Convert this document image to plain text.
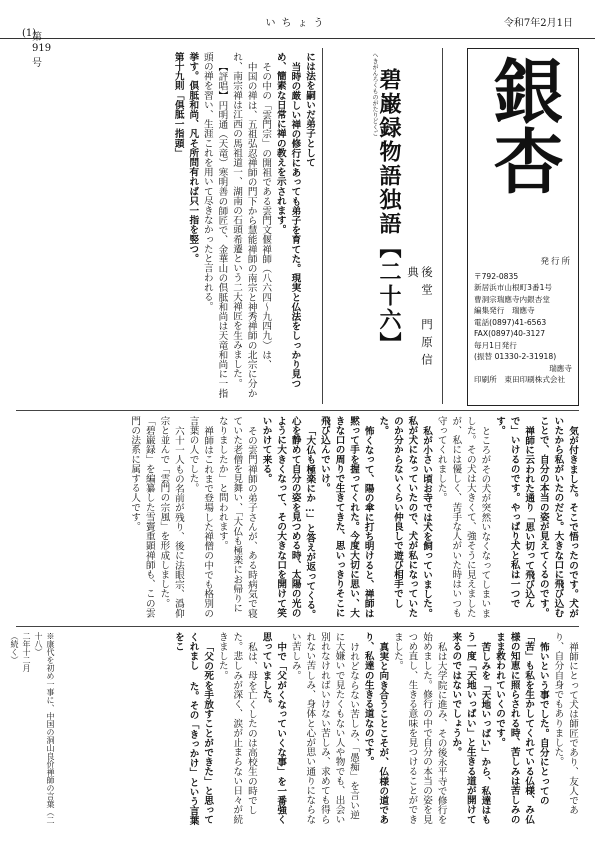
(1)

第919号
いちょう	令和7年2月1日
銀杏
発行所
〒792-0835
新居浜市山根町3番1号
曹洞宗瑞應寺内銀杏堂
編集発行　瑞應寺
電話(0897)41-6563
FAX(0897)40-3127
毎月1日発行
(振替 01330-2-31918)
瑞應寺
印刷所　東田印刷株式会社
へきがんろくものがたりどくご
碧巌録物語独語【二十六】	後堂　門原信典

には法を嗣いだ弟子として

当時の厳しい禅の修行にあっても弟子を育てた。現実と仏法をしっかり見つめ、簡素な日常に禅の教えを示されます。

その中の「雲門宗」の開祖である雲門文偃禅師（八六四～九四九）は、

中国の禅は、五祖弘忍禅師の門下から慧能禅師の南宗と神秀禅師の北宗に分かれ、南宗禅は江西の馬祖道一、湖南の石頭希遷という二大禅匠を生みました。

【評唱】円明通（天竜）寒明善の師匠で、金華山の倶胝和尚は天竜和尚に一指頭の禅を習い、生涯これを用いて尽きなかったと言われる。

挙す。倶胝和尚、凡そ所問有れば只一指を竪つ。

第十九則「倶胝一指頭」

気が付きました。そこで悟ったのです。犬がいたから私がいたのだと。大きな口に飛び込むことで、自分の本当の姿が見えてくるのです。

禅師に云われた通り「思い切って飛び込んで」いけるのです。やっぱり犬と私は一つです。

ところがその犬が突然いなくなってしまいました。その犬は大きくて、強そうに見えましたが、私には優しく、苦手な人がいた時はいつも守ってくれました。

私が小さい頃お寺では犬を飼っていました。私が犬になっていたので、犬が私になっていたのか分からないくらい仲良しで遊び相手でした。

怖くなって、陽の傘に打ち明けると、禅師は黙って手を握ってくれた。今度大切に思い、大きな口の周りで生きてきた、思いっきりそこに飛び込んでいけ。

「大仏も極楽にか…」と答えが返ってくる。心を静めて自分の姿を見つめる時、太陽の光のように大きくなって、その大きな口を開けて笑いかけて来る。

その雲門禅師の弟子さんが、ある時病気で寝ていた老僧を見舞い、「大仏も極楽にお帰りになりましたか」と問われます。

禅師はこれまで登場した禅僧の中でも格別の言葉の人でした。

六十一人もの名前が残り、後に法眼宗、潙仰宗と並んで「雲門の宗風」を形成しました。「碧巌録」を編纂した雪竇重顕禅師も、この雲門の法系に属する人です。

禅師にとって犬は師匠であり、友人であり、自分自身でもありました。

怖いという事でした。自分にとっての「苦」も私を生かしてくれている仏様、み仏様の知恵に照らされる時、苦しみは苦しみのまま救われていくのです。

苦しみを「天地いっぱい」から、私達はもう一度「天地いっぱい」と生きる道が開けて来るのではないでしょうか。

私は大学院に進み、その後永平寺で修行を始めました。修行の中で自分の本当の姿を見つめ直し、生きる意味を見つけることができました。

真実と向き合うことこそが、仏様の道であり、私達の生きる道なのです。

けれどならない苦しみ、「愚痴」を言い逆に大嫌いで見たくもない人や物でも、出会い別れなければいけない苦しみ、求めても得られない苦しみ、身体と心が思い通りにならない苦しみ。

中で「父がくなっていくな事」を一番強く思っていました。

私は、母を亡くしたのは高校生の時でした。悲しみが深く、涙が止まらない日々が続きました。

「父の死を手放すことができた」と思ってくれまし た。その「きっかけ」という言葉をこ

※康代を初め一事に、中国の洞山良价禅師の言葉（二十八）

二年十二月

（続く）
